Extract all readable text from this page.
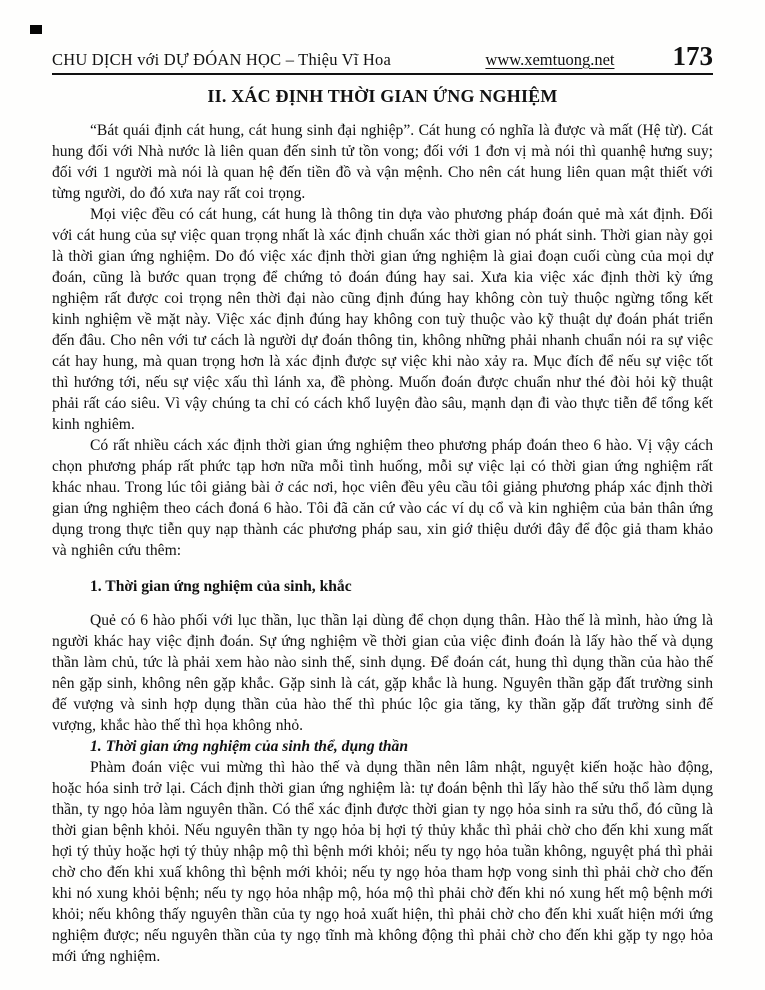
CHU DỊCH với DỰ ĐÓAN HỌC – Thiệu Vĩ Hoa	www.xemtuong.net 173
II. XÁC ĐỊNH THỜI GIAN ỨNG NGHIỆM

“Bát quái định cát hung, cát hung sinh đại nghiệp”. Cát hung có nghĩa là được và mất (Hệ từ). Cát hung đối với Nhà nước là liên quan đến sinh tử tồn vong; đối với 1 đơn vị mà nói thì quanhệ hưng suy; đối với 1 người mà nói là quan hệ đến tiền đồ và vận mệnh. Cho nên cát hung liên quan mật thiết với từng người, do đó xưa nay rất coi trọng.

Mọi việc đều có cát hung, cát hung là thông tin dựa vào phương pháp đoán quẻ mà xát định. Đối với cát hung của sự việc quan trọng nhất là xác định chuẩn xác thời gian nó phát sinh. Thời gian này gọi là thời gian ứng nghiệm. Do đó việc xác định thời gian ứng nghiệm là giai đoạn cuối cùng của mọi dự đoán, cũng là bước quan trọng để chứng tỏ đoán đúng hay sai. Xưa kia việc xác định thời kỳ ứng nghiệm rất được coi trọng nên thời đại nào cũng định đúng hay không còn tuỳ thuộc ngừng tổng kết kinh nghiệm về mặt này. Việc xác định đúng hay không con tuỳ thuộc vào kỹ thuật dự đoán phát triển đến đâu. Cho nên với tư cách là người dự đoán thông tin, không những phải nhanh chuẩn nói ra sự việc cát hay hung, mà quan trọng hơn là xác định được sự việc khi nào xảy ra. Mục đích để nếu sự việc tốt thì hướng tới, nếu sự việc xấu thì lánh xa, đề phòng. Muốn đoán được chuẩn như thé đòi hỏi kỹ thuật phải rất cáo siêu. Vì vậy chúng ta chỉ có cách khổ luyện đào sâu, mạnh dạn đi vào thực tiễn để tổng kết kinh nghiêm.

Có rất nhiều cách xác định thời gian ứng nghiệm theo phương pháp đoán theo 6 hào. Vị vậy cách chọn phương pháp rất phức tạp hơn nữa mỗi tình huống, mỗi sự việc lại có thời gian ứng nghiệm rất khác nhau. Trong lúc tôi giảng bài ở các nơi, học viên đều yêu cầu tôi giảng phương pháp xác định thời gian ứng nghiệm theo cách đoná 6 hào. Tôi đã căn cứ vào các ví dụ cổ và kin nghiệm của bản thân ứng dụng trong thực tiễn quy nạp thành các phương pháp sau, xin giớ thiệu dưới đây để độc giả tham khảo và nghiên cứu thêm:

1. Thời gian ứng nghiệm của sinh, khắc

Quẻ có 6 hào phối với lục thần, lục thần lại dùng để chọn dụng thân. Hào thế là mình, hào ứng là người khác hay việc định đoán. Sự ứng nghiệm về thời gian của việc đinh đoán là lấy hào thế và dụng thần làm chủ, tức là phải xem hào nào sinh thế, sinh dụng. Để đoán cát, hung thì dụng thần của hào thế nên gặp sinh, không nên gặp khắc. Gặp sinh là cát, gặp khắc là hung. Nguyên thần gặp đất trường sinh đế vượng và sinh hợp dụng thần của hào thế thì phúc lộc gia tăng, ky thần gặp đất trường sinh đế vượng, khắc hào thế thì họa không nhỏ.

1. Thời gian ứng nghiệm của sinh thể, dụng thần

Phàm đoán việc vui mừng thì hào thế và dụng thần nên lâm nhật, nguyệt kiến hoặc hào động, hoặc hóa sinh trở lại. Cách định thời gian ứng nghiệm là: tự đoán bệnh thì lấy hào thế sửu thổ làm dụng thần, ty ngọ hỏa làm nguyên thần. Có thể xác định được thời gian ty ngọ hỏa sinh ra sửu thổ, đó cũng là thời gian bệnh khỏi. Nếu nguyên thần ty ngọ hỏa bị hợi tý thủy khắc thì phải chờ cho đến khi xung mất hợi tý thủy hoặc hợi tý thủy nhập mộ thì bệnh mới khỏi; nếu ty ngọ hỏa tuần không, nguyệt phá thì phải chờ cho đến khi xuấ không thì bệnh mới khỏi; nếu ty ngọ hỏa tham hợp vong sinh thì phải chờ cho đến khi nó xung khỏi bệnh; nếu ty ngọ hỏa nhập mộ, hóa mộ thì phải chờ đến khi nó xung hết mộ bệnh mới khỏi; nếu không thấy nguyên thần của ty ngọ hoả xuất hiện, thì phải chờ cho đến khi xuất hiện mới ứng nghiệm được; nếu nguyên thần của ty ngọ tĩnh mà không động thì phải chờ cho đến khi gặp ty ngọ hỏa mới ứng nghiệm.
